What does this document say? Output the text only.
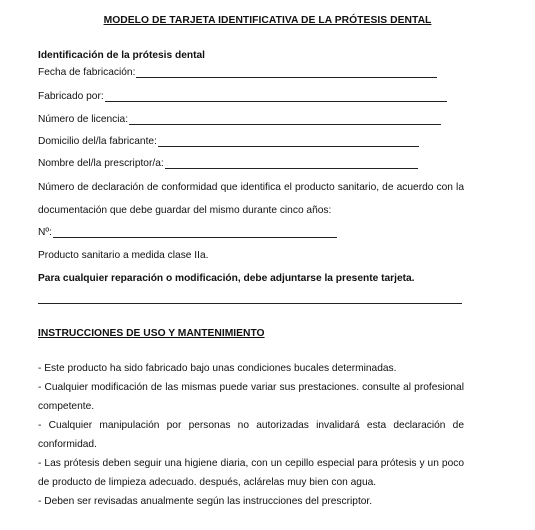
MODELO DE TARJETA IDENTIFICATIVA DE LA PRÓTESIS DENTAL
Identificación de la prótesis dental
Fecha de fabricación:
Fabricado por:
Número de licencia:
Domicilio del/la fabricante:
Nombre del/la prescriptor/a:
Número de declaración de conformidad que identifica el producto sanitario, de acuerdo con la
documentación que debe guardar del mismo durante cinco años:
Nº:
Producto sanitario a medida clase IIa.
Para cualquier reparación o modificación, debe adjuntarse la presente tarjeta.
INSTRUCCIONES DE USO Y MANTENIMIENTO
- Este producto ha sido fabricado bajo unas condiciones bucales determinadas.
- Cualquier modificación de las mismas puede variar sus prestaciones. consulte al profesional competente.
- Cualquier manipulación por personas no autorizadas invalidará esta declaración de conformidad.
- Las prótesis deben seguir una higiene diaria, con un cepillo especial para prótesis y un poco de producto de limpieza adecuado. después, aclárelas muy bien con agua.
- Deben ser revisadas anualmente según las instrucciones del prescriptor.
